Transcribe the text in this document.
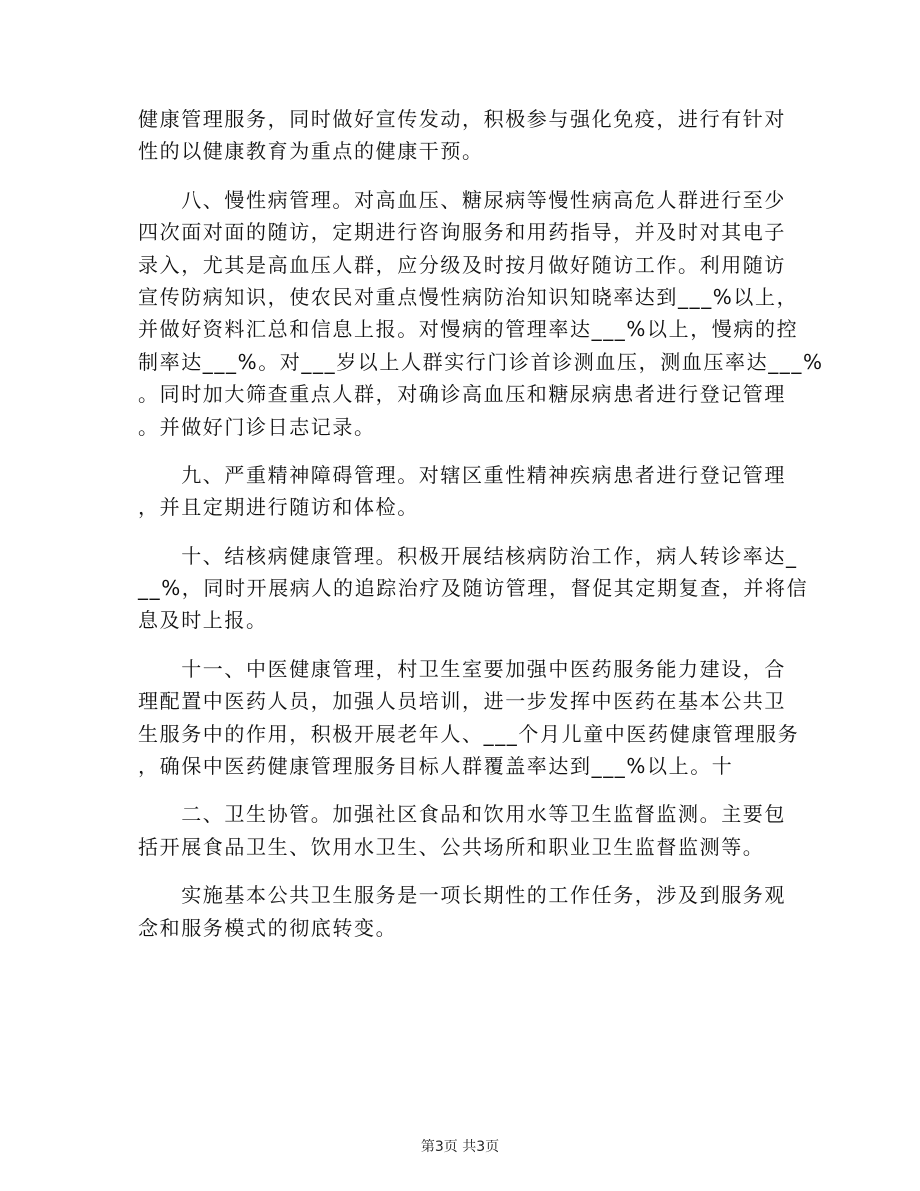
健康管理服务，同时做好宣传发动，积极参与强化免疫，进行有针对
性的以健康教育为重点的健康干预。
　　八、慢性病管理。对高血压、糖尿病等慢性病高危人群进行至少
四次面对面的随访，定期进行咨询服务和用药指导，并及时对其电子
录入，尤其是高血压人群，应分级及时按月做好随访工作。利用随访
宣传防病知识，使农民对重点慢性病防治知识知晓率达到___%以上，
并做好资料汇总和信息上报。对慢病的管理率达___%以上，慢病的控
制率达___%。对___岁以上人群实行门诊首诊测血压，测血压率达___%
。同时加大筛查重点人群，对确诊高血压和糖尿病患者进行登记管理
。并做好门诊日志记录。
　　九、严重精神障碍管理。对辖区重性精神疾病患者进行登记管理
，并且定期进行随访和体检。
　　十、结核病健康管理。积极开展结核病防治工作，病人转诊率达_
__%，同时开展病人的追踪治疗及随访管理，督促其定期复查，并将信
息及时上报。
　　十一、中医健康管理，村卫生室要加强中医药服务能力建设，合
理配置中医药人员，加强人员培训，进一步发挥中医药在基本公共卫
生服务中的作用，积极开展老年人、___个月儿童中医药健康管理服务
，确保中医药健康管理服务目标人群覆盖率达到___%以上。十
　　二、卫生协管。加强社区食品和饮用水等卫生监督监测。主要包
括开展食品卫生、饮用水卫生、公共场所和职业卫生监督监测等。
　　实施基本公共卫生服务是一项长期性的工作任务，涉及到服务观
念和服务模式的彻底转变。
第3页 共3页
